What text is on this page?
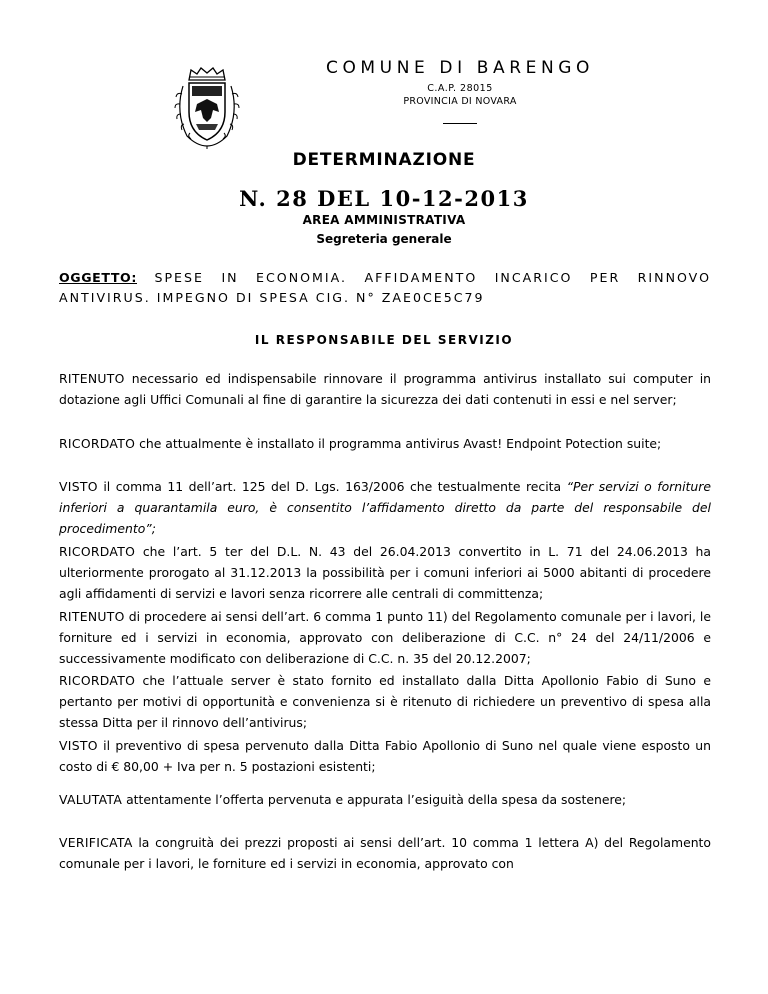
COMUNE DI BARENGO
C.A.P. 28015
PROVINCIA DI NOVARA
DETERMINAZIONE
N. 28 DEL 10-12-2013
AREA AMMINISTRATIVA
Segreteria generale
OGGETTO: SPESE IN ECONOMIA. AFFIDAMENTO INCARICO PER RINNOVO ANTIVIRUS. IMPEGNO DI SPESA CIG. N° ZAE0CE5C79
IL RESPONSABILE DEL SERVIZIO

RITENUTO necessario ed indispensabile rinnovare il programma antivirus installato sui computer in dotazione agli Uffici Comunali al fine di garantire la sicurezza dei dati contenuti in essi e nel server;

RICORDATO che attualmente è installato il programma antivirus Avast! Endpoint Potection suite;

VISTO il comma 11 dell’art. 125 del D. Lgs. 163/2006 che testualmente recita “Per servizi o forniture inferiori a quarantamila euro, è consentito l’affidamento diretto da parte del responsabile del procedimento”;

RICORDATO che l’art. 5 ter del D.L. N. 43 del 26.04.2013 convertito in L. 71 del 24.06.2013 ha ulteriormente prorogato al 31.12.2013 la possibilità per i comuni inferiori ai 5000 abitanti di procedere agli affidamenti di servizi e lavori senza ricorrere alle centrali di committenza;

RITENUTO di procedere ai sensi dell’art. 6 comma 1 punto 11) del Regolamento comunale per i lavori, le forniture ed i servizi in economia, approvato con deliberazione di C.C. n° 24 del 24/11/2006 e successivamente modificato con deliberazione di C.C. n. 35 del 20.12.2007;

RICORDATO che l’attuale server è stato fornito ed installato dalla Ditta Apollonio Fabio di Suno e pertanto per motivi di opportunità e convenienza si è ritenuto di richiedere un preventivo di spesa alla stessa Ditta per il rinnovo dell’antivirus;

VISTO il preventivo di spesa pervenuto dalla Ditta Fabio Apollonio di Suno nel quale viene esposto un costo di € 80,00 + Iva per n. 5 postazioni esistenti;

VALUTATA attentamente l’offerta pervenuta e appurata l’esiguità della spesa da sostenere;

VERIFICATA la congruità dei prezzi proposti ai sensi dell’art. 10 comma 1 lettera A) del Regolamento comunale per i lavori, le forniture ed i servizi in economia, approvato con
